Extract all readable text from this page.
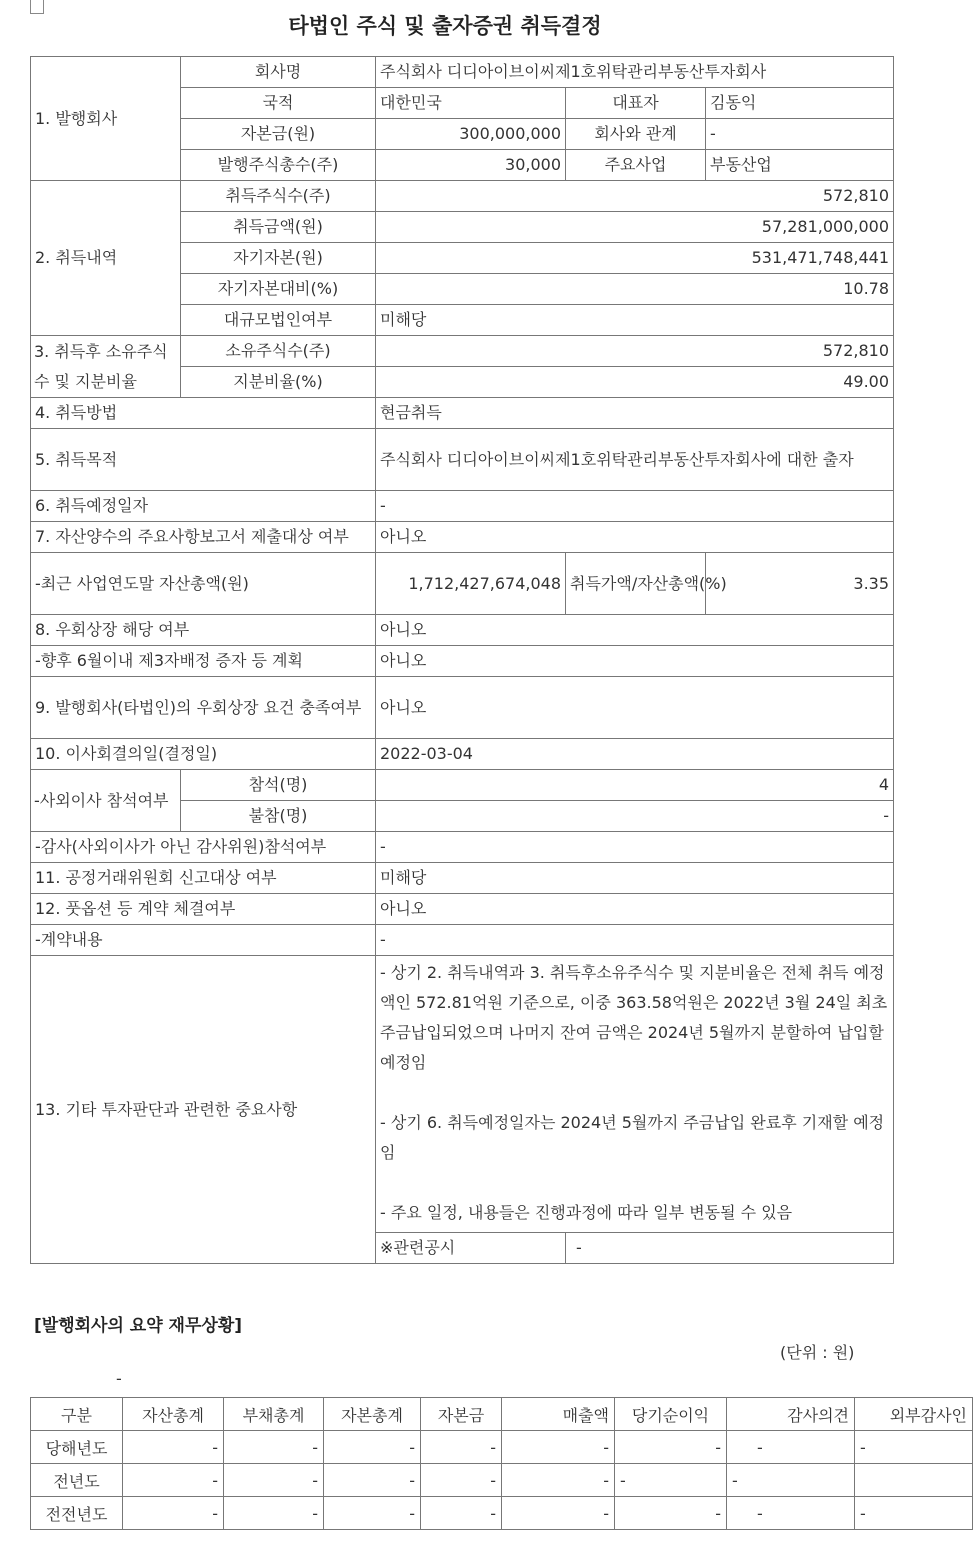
타법인 주식 및 출자증권 취득결정
1. 발행회사	회사명	주식회사 디디아이브이씨제1호위탁관리부동산투자회사		
	국적	대한민국	대표자	김동익
	자본금(원)	300,000,000	회사와 관계	-
	발행주식총수(주)	30,000	주요사업	부동산업
2. 취득내역	취득주식수(주)	572,810		
	취득금액(원)	57,281,000,000		
	자기자본(원)	531,471,748,441		
	자기자본대비(%)	10.78		
	대규모법인여부	미해당		
3. 취득후 소유주식수 및 지분비율	소유주식수(주)	572,810		
	지분비율(%)	49.00		
4. 취득방법		현금취득		
5. 취득목적		주식회사 디디아이브이씨제1호위탁관리부동산투자회사에 대한 출자		
6. 취득예정일자		-		
7. 자산양수의 주요사항보고서 제출대상 여부		아니오		
-최근 사업연도말 자산총액(원)		1,712,427,674,048	취득가액/자산총액(%)	3.35
8. 우회상장 해당 여부		아니오		
-향후 6월이내 제3자배정 증자 등 계획		아니오		
9. 발행회사(타법인)의 우회상장 요건 충족여부		아니오		
10. 이사회결의일(결정일)		2022-03-04		
-사외이사 참석여부	참석(명)	4		
	불참(명)	-		
-감사(사외이사가 아닌 감사위원)참석여부		-		
11. 공정거래위원회 신고대상 여부		미해당		
12. 풋옵션 등 계약 체결여부		아니오		
-계약내용		-		
13. 기타 투자판단과 관련한 중요사항		- 상기 2. 취득내역과 3. 취득후소유주식수 및 지분비율은 전체 취득 예정액인 572.81억원 기준으로, 이중 363.58억원은 2022년 3월 24일 최초 주금납입되었으며 나머지 잔여 금액은 2024년 5월까지 분할하여 납입할 예정임

- 상기 6. 취득예정일자는 2024년 5월까지 주금납입 완료후 기재할 예정임

- 주요 일정, 내용들은 진행과정에 따라 일부 변동될 수 있음		

		※관련공시	-	
[발행회사의 요약 재무상황]
(단위 : 원)
-
구분	자산총계	부채총계	자본총계	자본금	매출액	당기순이익	감사의견	외부감사인
당해년도	-	-	-	-	-	-	-	-
전년도	-	-	-	-	-	-	-	
전전년도	-	-	-	-	-	-	-	-
